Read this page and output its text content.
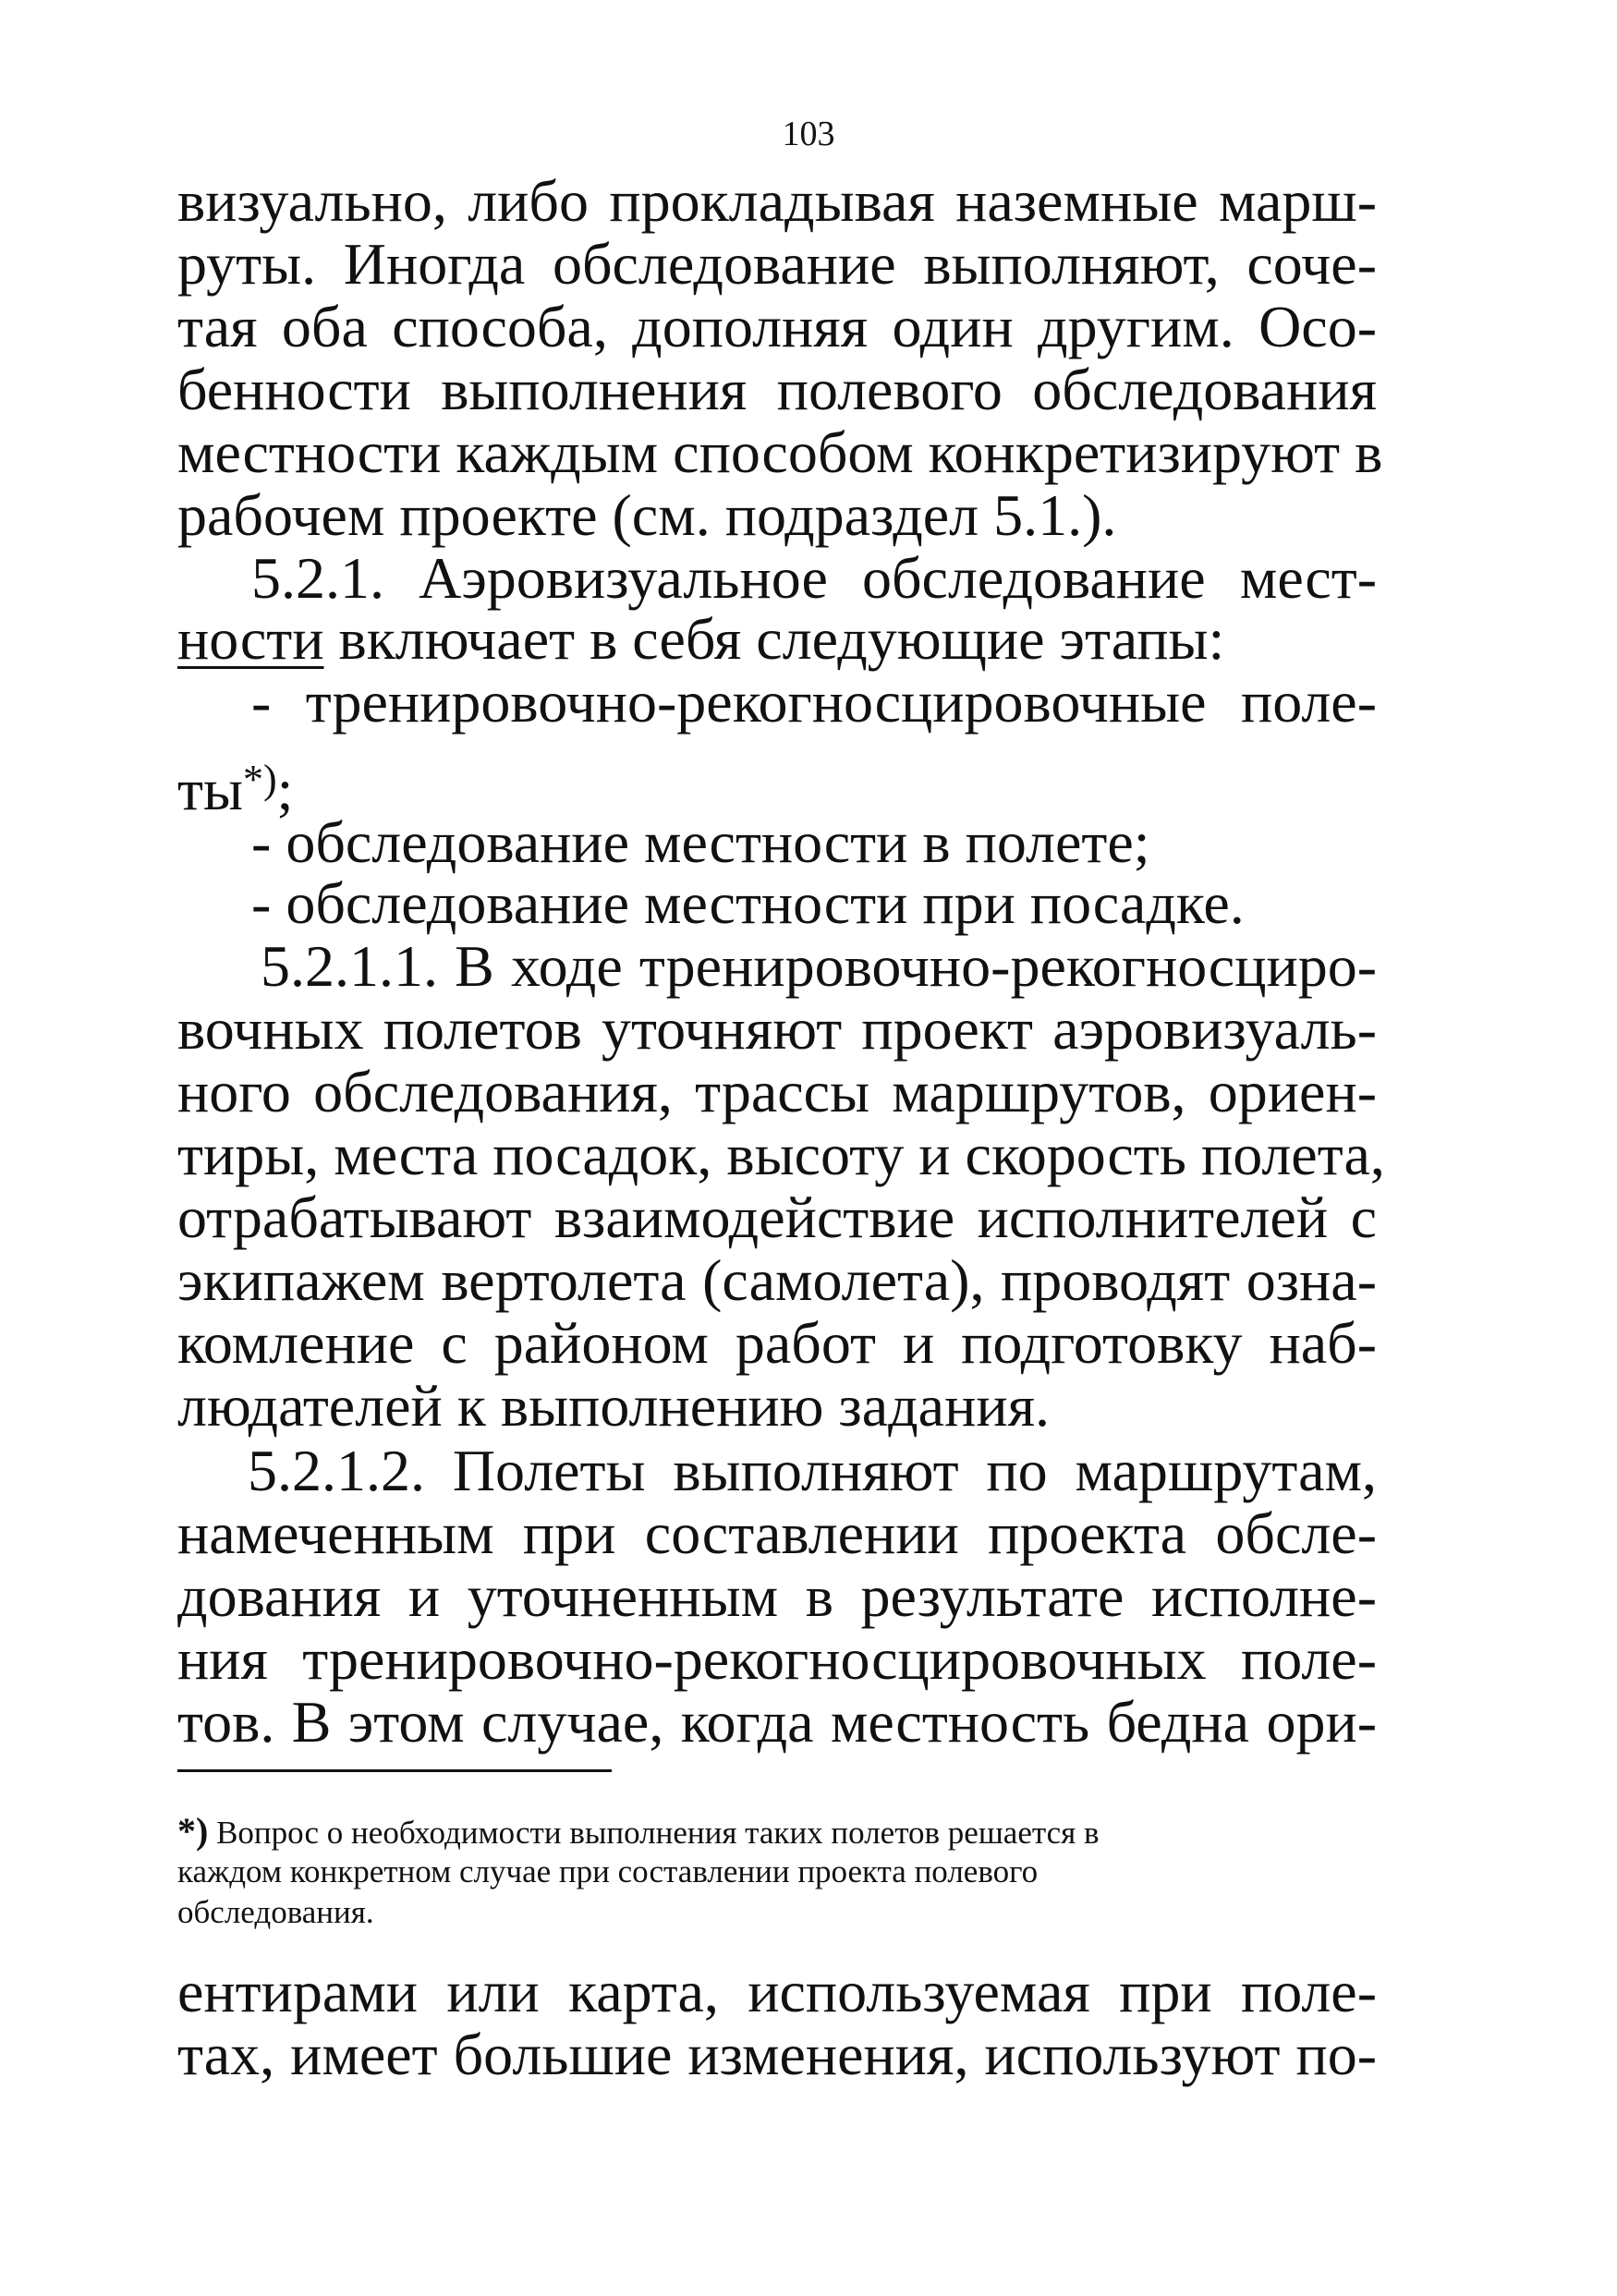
103
визуально, либо прокладывая наземные марш-
руты. Иногда обследование выполняют, соче-
тая оба способа, дополняя один другим. Осо-
бенности выполнения полевого обследования
местности каждым способом конкретизируют в
рабочем проекте (см. подраздел 5.1.).
5.2.1. Аэровизуальное обследование мест-
ности включает в себя следующие этапы:
- тренировочно-рекогносцировочные поле-
ты*);
- обследование местности в полете;
- обследование местности при посадке.
5.2.1.1. В ходе тренировочно-рекогносциро-
вочных полетов уточняют проект аэровизуаль-
ного обследования, трассы маршрутов, ориен-
тиры, места посадок, высоту и скорость полета,
отрабатывают взаимодействие исполнителей с
экипажем вертолета (самолета), проводят озна-
комление с районом работ и подготовку наб-
людателей к выполнению задания.
5.2.1.2. Полеты выполняют по маршрутам,
намеченным при составлении проекта обсле-
дования и уточненным в результате исполне-
ния тренировочно-рекогносцировочных поле-
тов. В этом случае, когда местность бедна ори-
*) Вопрос о необходимости выполнения таких полетов решается в
каждом конкретном случае при составлении проекта полевого
обследования.
ентирами или карта, используемая при поле-
тах, имеет большие изменения, используют по-
